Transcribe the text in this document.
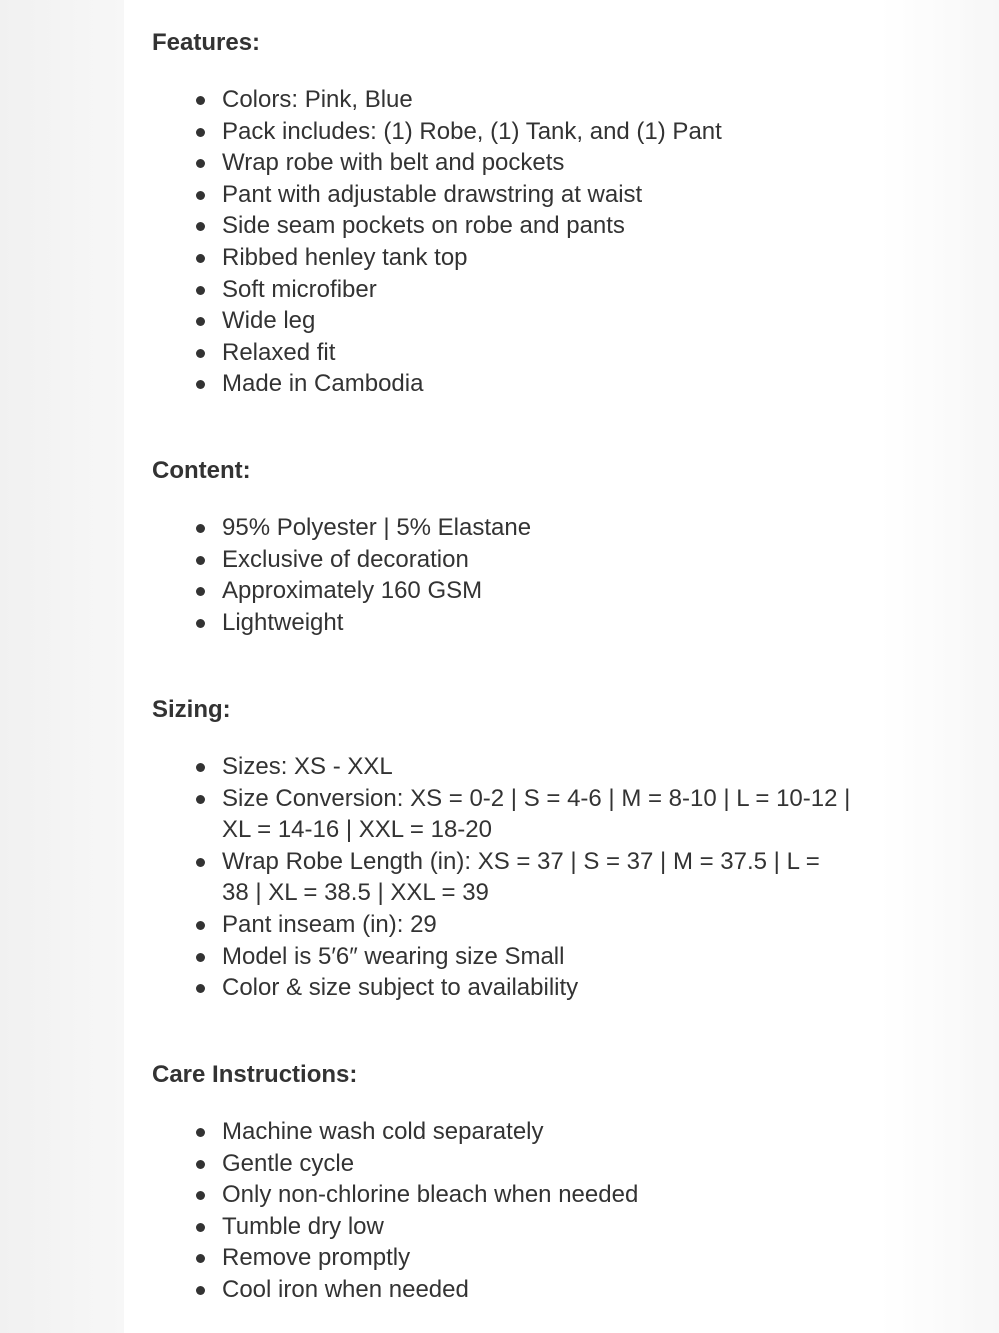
Features:
Colors: Pink, Blue
Pack includes: (1) Robe, (1) Tank, and (1) Pant
Wrap robe with belt and pockets
Pant with adjustable drawstring at waist
Side seam pockets on robe and pants
Ribbed henley tank top
Soft microfiber
Wide leg
Relaxed fit
Made in Cambodia
Content:
95% Polyester | 5% Elastane
Exclusive of decoration
Approximately 160 GSM
Lightweight
Sizing:
Sizes: XS - XXL
Size Conversion: XS = 0-2 | S = 4-6 | M = 8-10 | L = 10-12 | XL = 14-16 | XXL = 18-20
Wrap Robe Length (in): XS = 37 | S = 37 | M = 37.5 | L = 38 | XL = 38.5 | XXL = 39
Pant inseam (in): 29
Model is 5′6″ wearing size Small
Color & size subject to availability
Care Instructions:
Machine wash cold separately
Gentle cycle
Only non-chlorine bleach when needed
Tumble dry low
Remove promptly
Cool iron when needed
